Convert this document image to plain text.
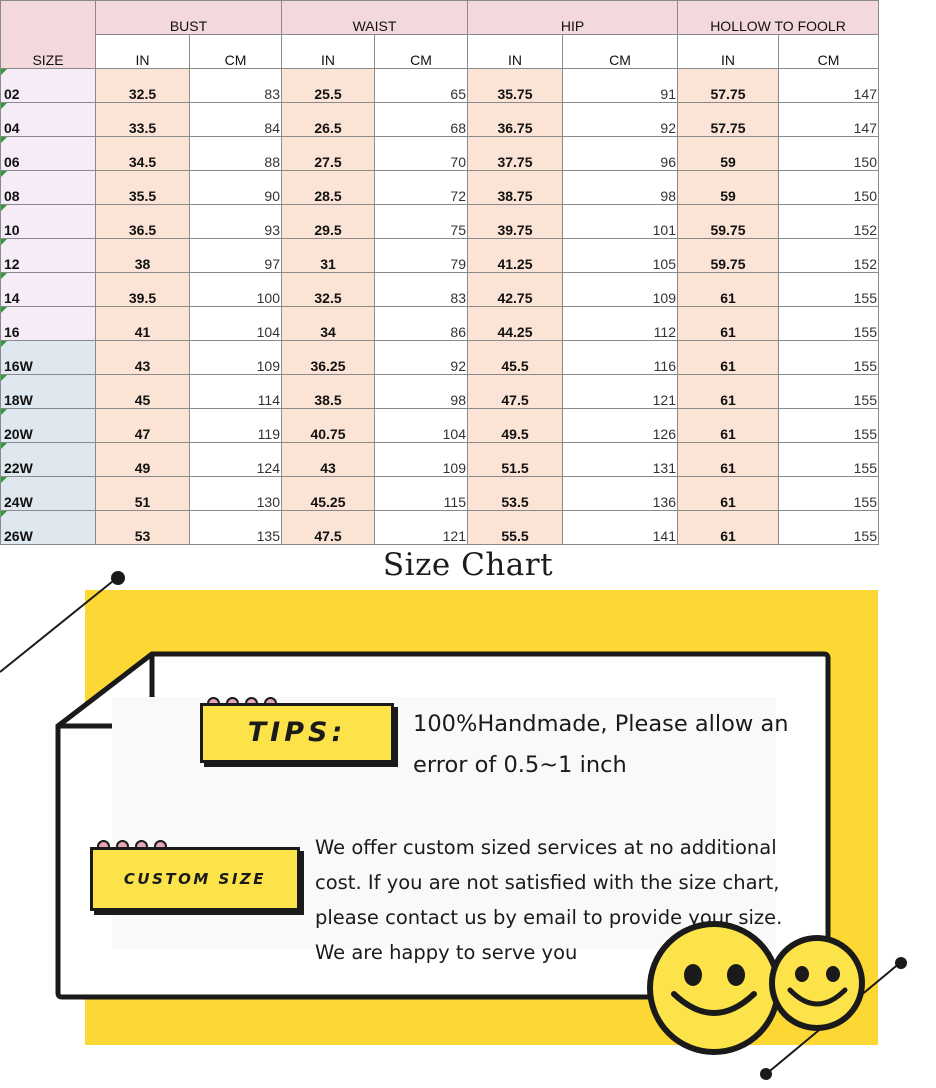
SIZE	BUST		WAIST		HIP		HOLLOW TO FOOLR	
	IN	CM	IN	CM	IN	CM	IN	CM
02	32.5	83	25.5	65	35.75	91	57.75	147
04	33.5	84	26.5	68	36.75	92	57.75	147
06	34.5	88	27.5	70	37.75	96	59	150
08	35.5	90	28.5	72	38.75	98	59	150
10	36.5	93	29.5	75	39.75	101	59.75	152
12	38	97	31	79	41.25	105	59.75	152
14	39.5	100	32.5	83	42.75	109	61	155
16	41	104	34	86	44.25	112	61	155
16W	43	109	36.25	92	45.5	116	61	155
18W	45	114	38.5	98	47.5	121	61	155
20W	47	119	40.75	104	49.5	126	61	155
22W	49	124	43	109	51.5	131	61	155
24W	51	130	45.25	115	53.5	136	61	155
26W	53	135	47.5	121	55.5	141	61	155
Size Chart
TIPS:	100%Handmade, Please allow an error of 0.5~1 inch
CUSTOM SIZE
We offer custom sized services at no additional
cost. If you are not satisfied with the size chart,
please contact us by email to provide your size.
We are happy to serve you
